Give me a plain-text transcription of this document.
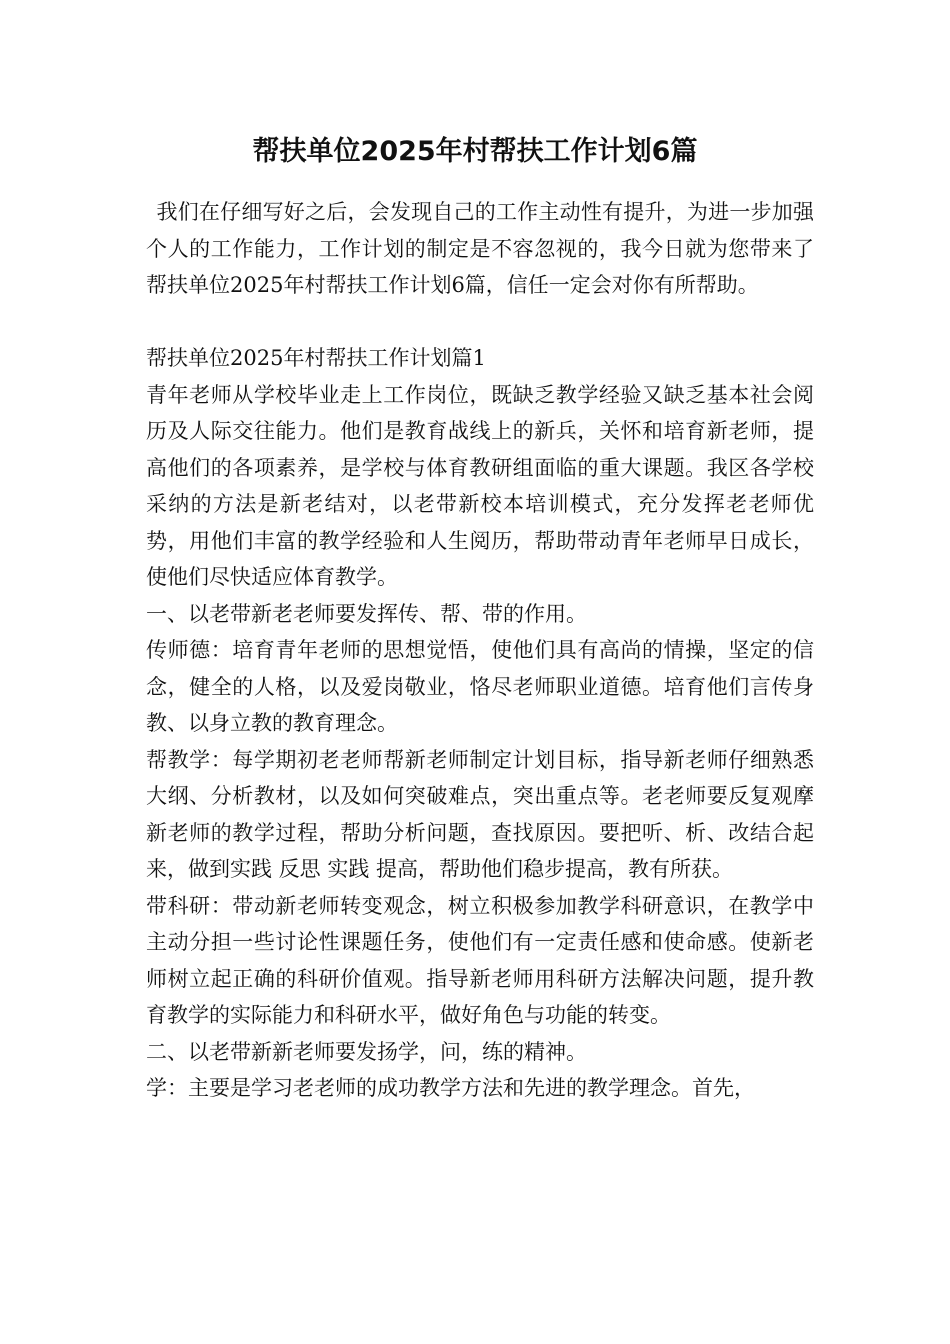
帮扶单位2025年村帮扶工作计划6篇

我们在仔细写好之后，会发现自己的工作主动性有提升，为进一步加强个人的工作能力，工作计划的制定是不容忽视的，我今日就为您带来了帮扶单位2025年村帮扶工作计划6篇，信任一定会对你有所帮助。

帮扶单位2025年村帮扶工作计划篇1

青年老师从学校毕业走上工作岗位，既缺乏教学经验又缺乏基本社会阅历及人际交往能力。他们是教育战线上的新兵，关怀和培育新老师，提高他们的各项素养，是学校与体育教研组面临的重大课题。我区各学校采纳的方法是新老结对，以老带新校本培训模式，充分发挥老老师优势，用他们丰富的教学经验和人生阅历，帮助带动青年老师早日成长，使他们尽快适应体育教学。

一、以老带新老老师要发挥传、帮、带的作用。

传师德：培育青年老师的思想觉悟，使他们具有高尚的情操，坚定的信念，健全的人格，以及爱岗敬业，恪尽老师职业道德。培育他们言传身教、以身立教的教育理念。

帮教学：每学期初老老师帮新老师制定计划目标，指导新老师仔细熟悉大纲、分析教材，以及如何突破难点，突出重点等。老老师要反复观摩新老师的教学过程，帮助分析问题，查找原因。要把听、析、改结合起来，做到实践 反思 实践 提高，帮助他们稳步提高，教有所获。

带科研：带动新老师转变观念，树立积极参加教学科研意识，在教学中主动分担一些讨论性课题任务，使他们有一定责任感和使命感。使新老师树立起正确的科研价值观。指导新老师用科研方法解决问题，提升教育教学的实际能力和科研水平，做好角色与功能的转变。

二、以老带新新老师要发扬学，问，练的精神。

学：主要是学习老老师的成功教学方法和先进的教学理念。首先，
